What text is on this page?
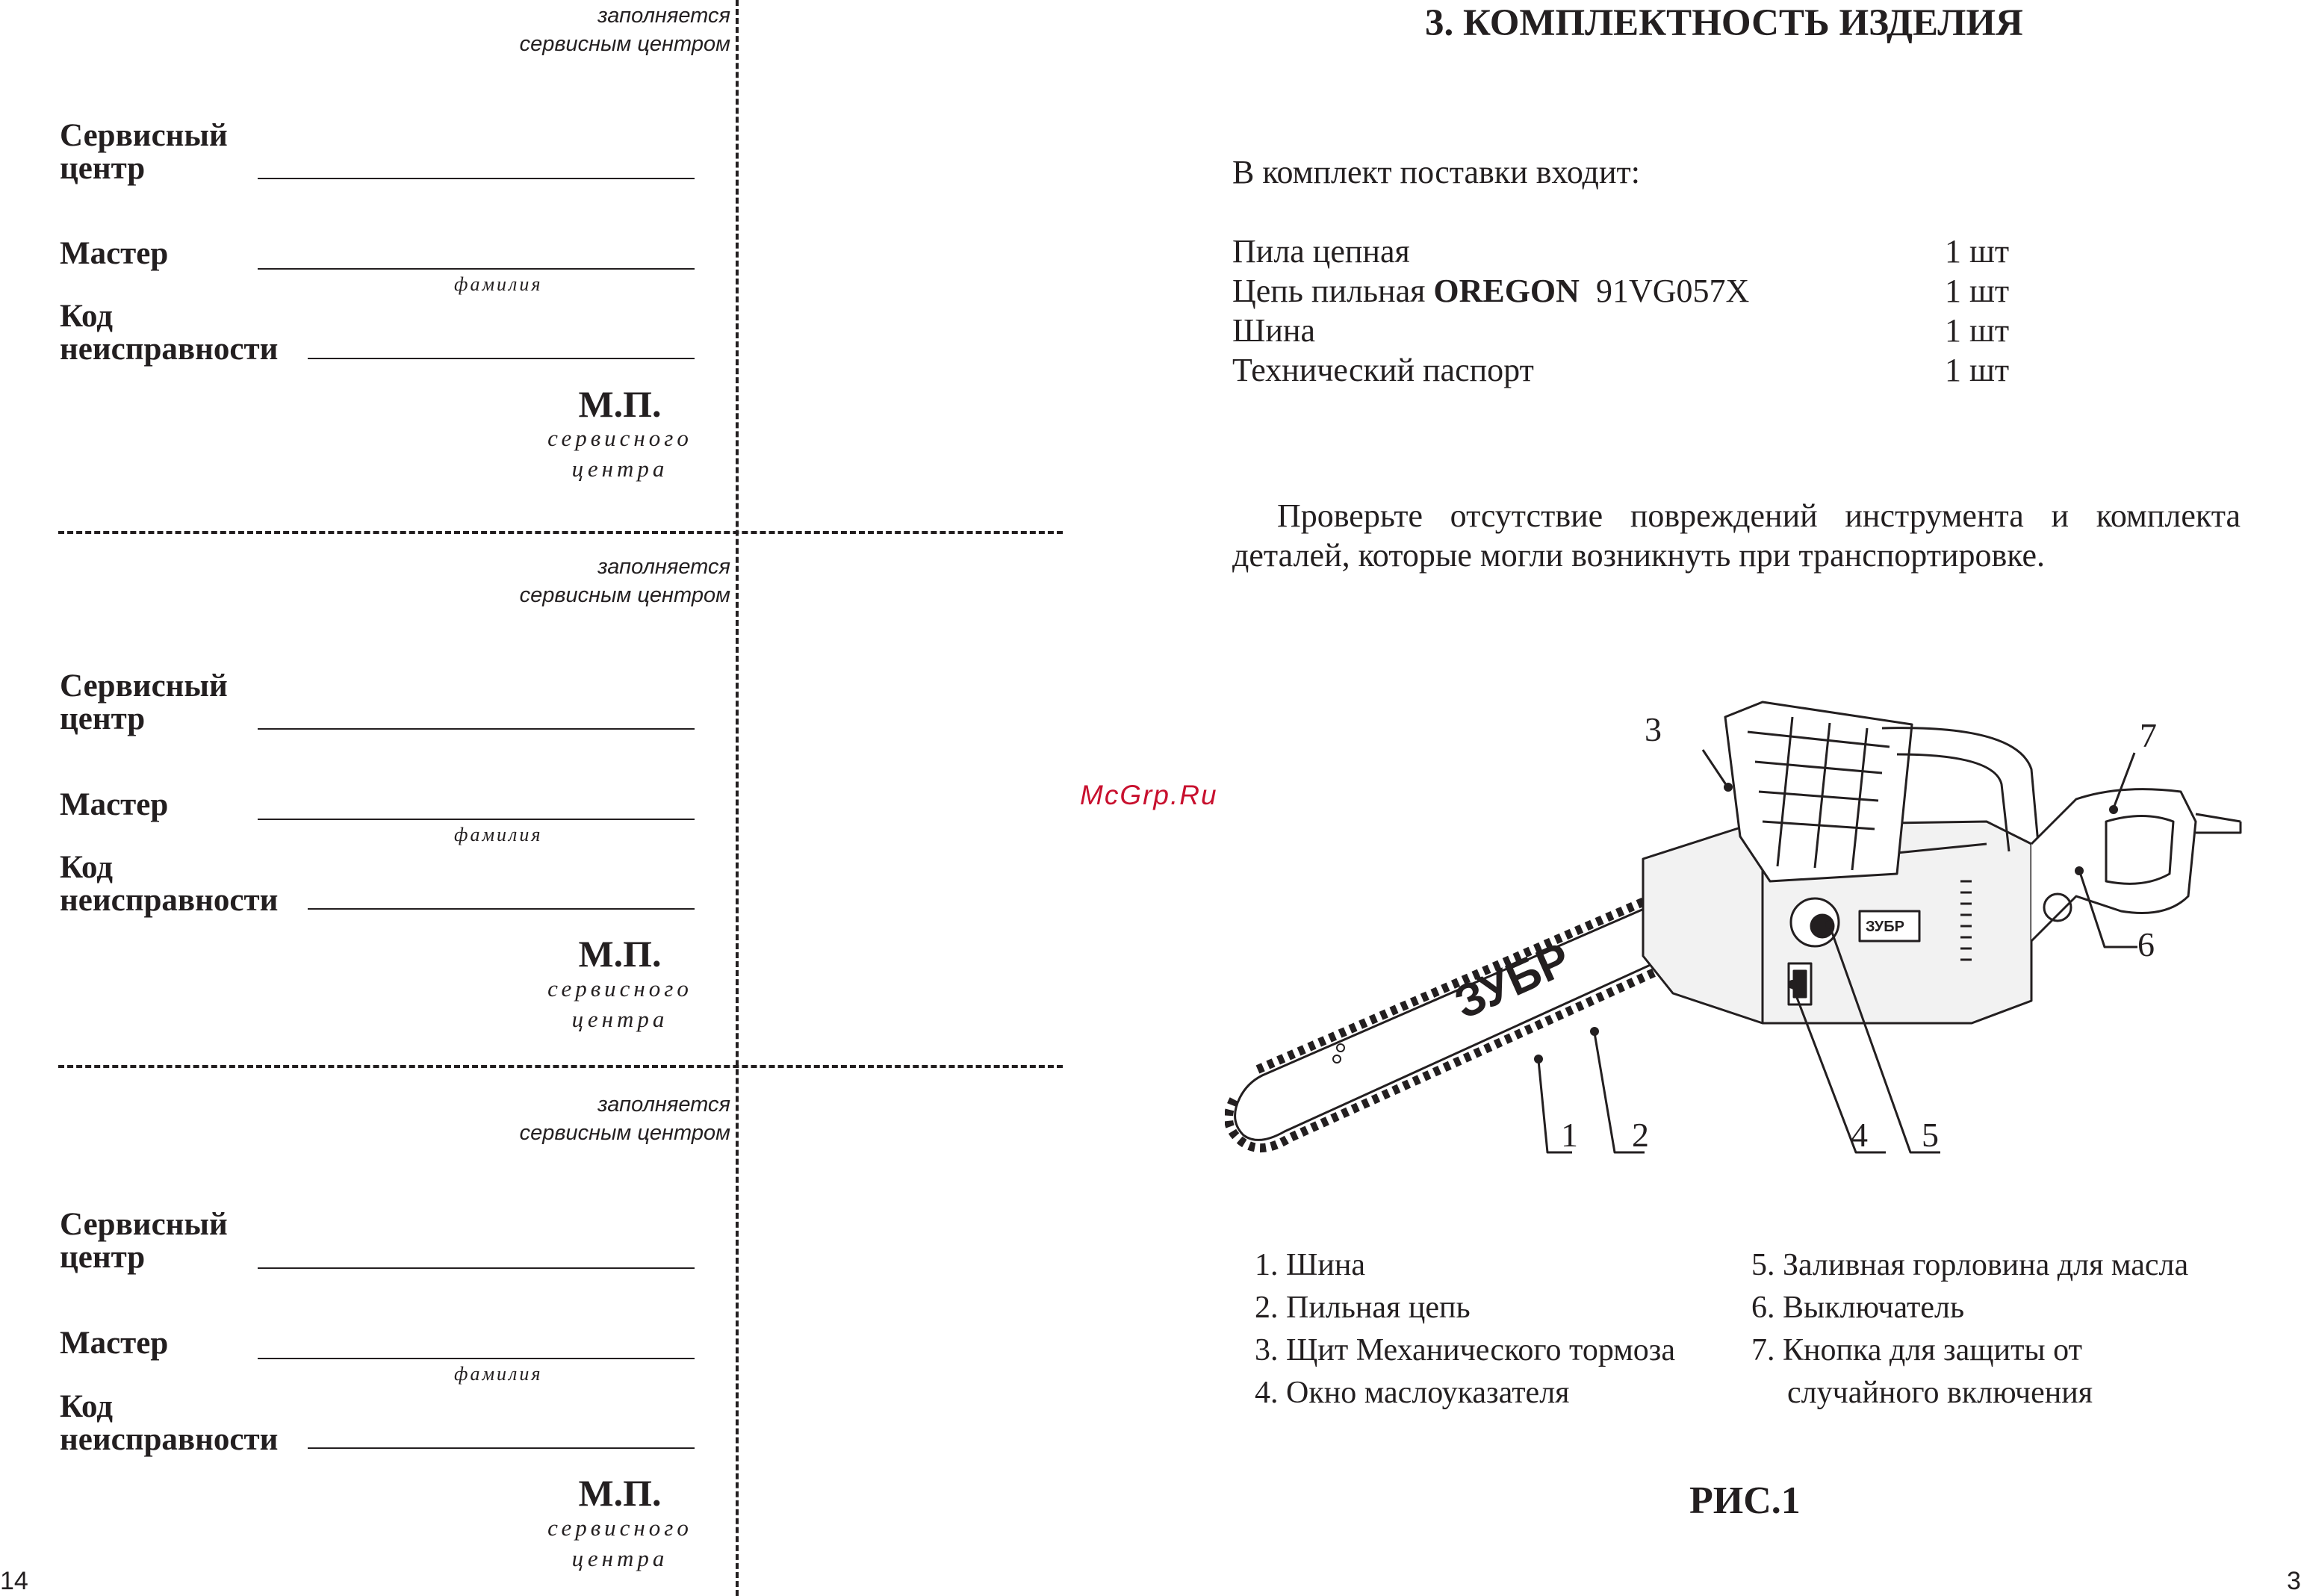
заполняется
сервисным центром
Сервисный
центр
Мастер
фамилия
Код
неисправности
М.П.
сервисного
центра
заполняется
сервисным центром
Сервисный
центр
Мастер
фамилия
Код
неисправности
М.П.
сервисного
центра
заполняется
сервисным центром
Сервисный
центр
Мастер
фамилия
Код
неисправности
М.П.
сервисного
центра
14
McGrp.Ru
3. КОМПЛЕКТНОСТЬ ИЗДЕЛИЯ
В комплект поставки входит:
Пила цепная	1 шт
Цепь пильная OREGON  91VG057X	1 шт
Шина	1 шт
Технический паспорт	1 шт
Проверьте отсутствие повреждений инструмента и комплекта
деталей, которые могли возникнуть при транспортировке.
ЗУБР
ЗУБР
1 2
3
4 5
6
7
1. Шина
2. Пильная цепь
3. Щит Механического тормоза
4. Окно маслоуказателя
5. Заливная горловина для масла
6. Выключатель
7. Кнопка для защиты от
случайного включения
РИС.1
3
